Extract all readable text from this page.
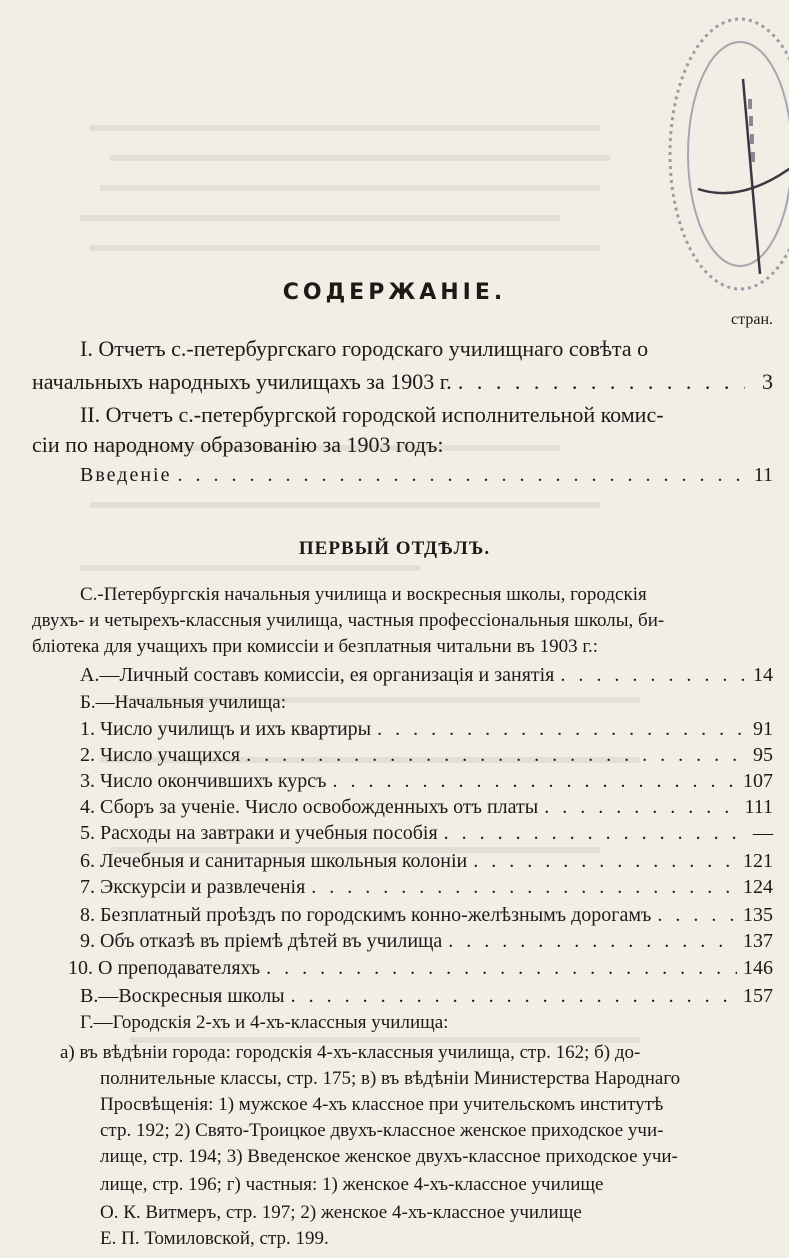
СОДЕРЖАНІЕ.
стран.
I. Отчетъ с.-петербургскаго городскаго училищнаго совѣта о
начальныхъ народныхъ училищахъ за 1903 г. . . .	3
II. Отчетъ с.-петербургской городской исполнительной комис-
сіи по народному образованію за 1903 годъ:
Введеніе . . .	11
ПЕРВЫЙ ОТДѢЛЪ.
С.-Петербургскія начальныя училища и воскресныя школы, городскія
двухъ- и четырехъ-классныя училища, частныя профессіональныя школы, би-
бліотека для учащихъ при комиссіи и безплатныя читальни въ 1903 г.:
А.—Личный составъ комиссіи, ея организація и занятія . . .	14
Б.—Начальныя училища:
1. Число училищъ и ихъ квартиры . . .	91
2. Число учащихся . . .	95
3. Число окончившихъ курсъ . . .	107
4. Сборъ за ученіе. Число освобожденныхъ отъ платы . . .	111
5. Расходы на завтраки и учебныя пособія . . .	—
6. Лечебныя и санитарныя школьныя колоніи . . .	121
7. Экскурсіи и развлеченія . . .	124
8. Безплатный проѣздъ по городскимъ конно-желѣзнымъ дорогамъ . . .	135
9. Объ отказѣ въ пріемѣ дѣтей въ училища . . .	137
10. О преподавателяхъ . . .	146
В.—Воскресныя школы . . .	157
Г.—Городскія 2-хъ и 4-хъ-классныя училища:
а) въ вѣдѣніи города: городскія 4-хъ-классныя училища, стр. 162; б) до-
полнительные классы, стр. 175; в) въ вѣдѣніи Министерства Народнаго
Просвѣщенія: 1) мужское 4-хъ классное при учительскомъ институтѣ
стр. 192; 2) Свято-Троицкое двухъ-классное женское приходское учи-
лище, стр. 194; 3) Введенское женское двухъ-классное приходское учи-
лище, стр. 196; г) частныя: 1) женское 4-хъ-классное училище
О. К. Витмеръ, стр. 197; 2) женское 4-хъ-классное училище
Е. П. Томиловской, стр. 199.
